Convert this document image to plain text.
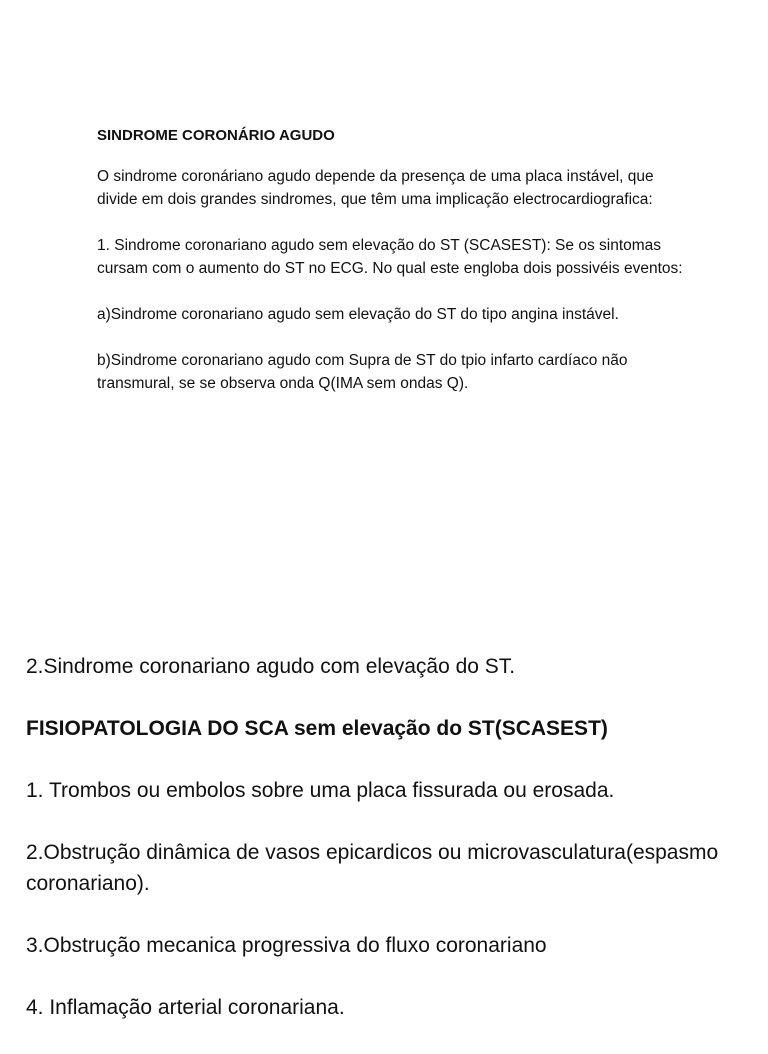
SINDROME CORONÁRIO AGUDO

O sindrome coronáriano agudo depende da presença de uma placa instável, que divide em dois grandes sindromes, que têm uma implicação electrocardiografica:

1. Sindrome coronariano agudo sem elevação do ST (SCASEST): Se os sintomas cursam com o aumento do ST no ECG. No qual este engloba dois possivéis eventos:

a)Sindrome coronariano agudo sem elevação do ST do tipo angina instável.

b)Sindrome coronariano agudo com Supra de ST do tpio infarto cardíaco não transmural, se se observa onda Q(IMA sem ondas Q).

2.Sindrome coronariano agudo com elevação do ST.

FISIOPATOLOGIA DO SCA sem elevação do ST(SCASEST)

1. Trombos ou embolos sobre uma placa fissurada ou erosada.

2.Obstrução dinâmica de vasos epicardicos ou microvasculatura(espasmo coronariano).

3.Obstrução mecanica progressiva do fluxo coronariano

4. Inflamação arterial coronariana.
